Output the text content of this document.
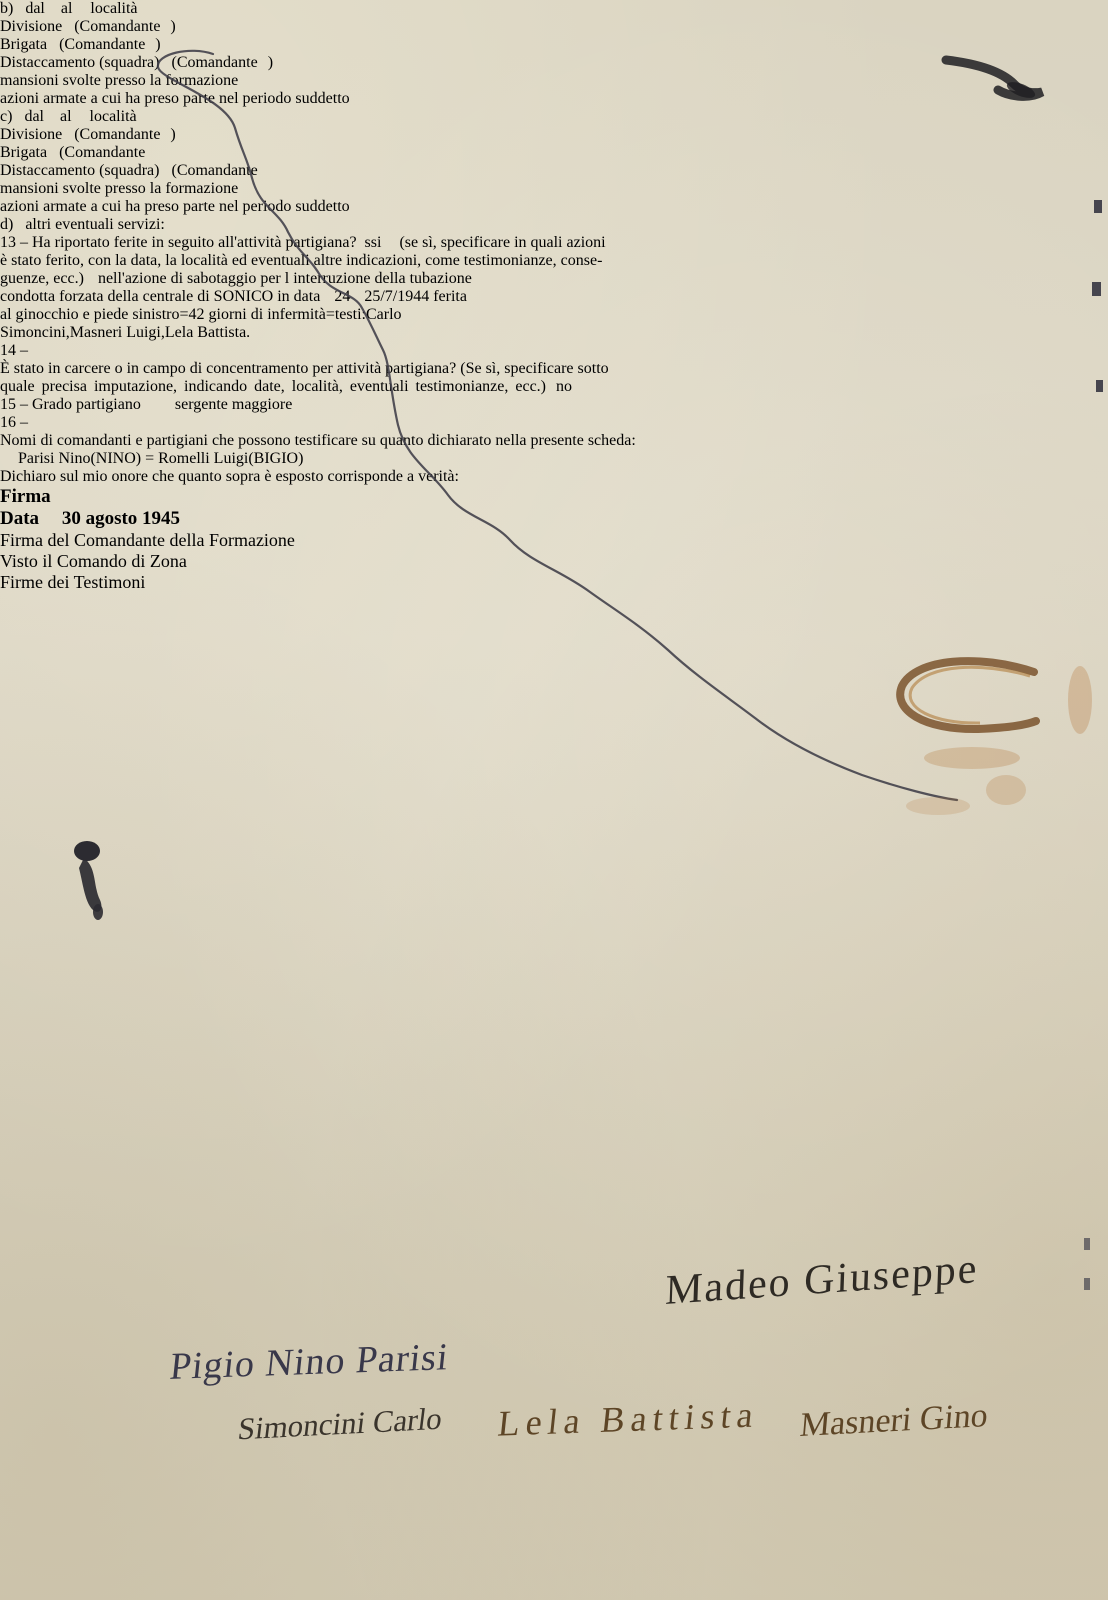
b) dal al località
Divisione (Comandante )
Brigata (Comandante )
Distaccamento (squadra) (Comandante )
mansioni svolte presso la formazione
azioni armate a cui ha preso parte nel periodo suddetto
c) dal al località
Divisione (Comandante )
Brigata (Comandante
Distaccamento (squadra) (Comandante
mansioni svolte presso la formazione
azioni armate a cui ha preso parte nel periodo suddetto
d) altri eventuali servizi:
13 – Ha riportato ferite in seguito all'attività partigiana? ssi (se sì, specificare in quali azioni
è stato ferito, con la data, la località ed eventuali altre indicazioni, come testimonianze, conse-
guenze, ecc.) nell'azione di sabotaggio per l interruzione della tubazione
condotta forzata della centrale di SONICO in data 24 25/7/1944 ferita
al ginocchio e piede sinistro=42 giorni di infermità=testi:Carlo
Simoncini,Masneri Luigi,Lela Battista.
14 –
È stato in carcere o in campo di concentramento per attività partigiana? (Se sì, specificare sotto
quale precisa imputazione, indicando date, località, eventuali testimonianze, ecc.) no
15 – Grado partigiano sergente maggiore
16 –
Nomi di comandanti e partigiani che possono testificare su quanto dichiarato nella presente scheda:
Parisi Nino(NINO) = Romelli Luigi(BIGIO)
Dichiaro sul mio onore che quanto sopra è esposto corrisponde a verità:
Firma
Madeo Giuseppe
Data 30 agosto 1945
Firma del Comandante della Formazione
Visto il Comando di Zona
Pigio Nino Parisi
Firme dei Testimoni
Simoncini Carlo Lela Battista Masneri Gino
